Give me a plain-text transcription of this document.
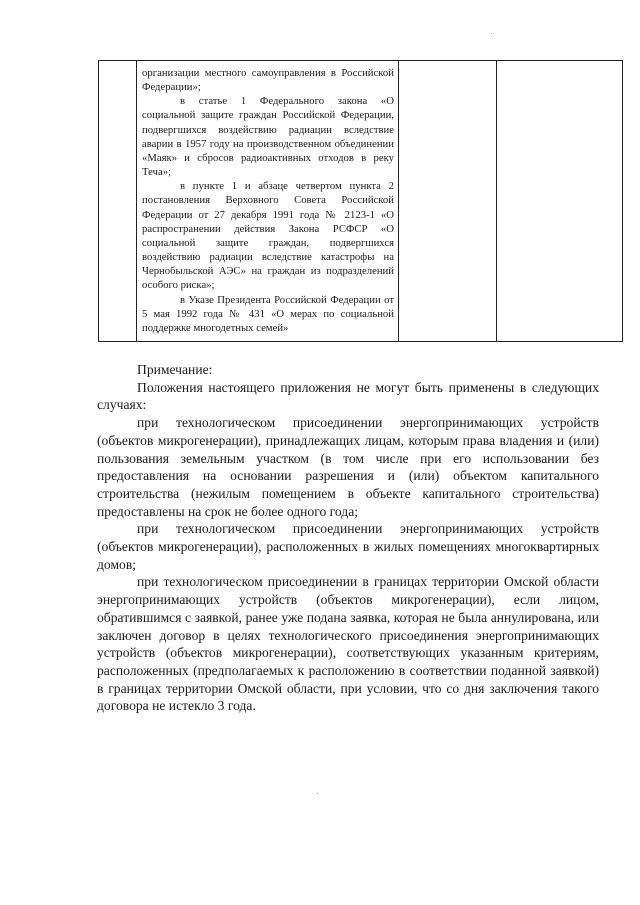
организации местного самоуправления в Российской Федерации»;

в статье 1 Федерального закона «О социальной защите граждан Российской Федерации, подвергшихся воздействию радиации вследствие аварии в 1957 году на производственном объединении «Маяк» и сбросов радиоактивных отходов в реку Теча»;

в пункте 1 и абзаце четвертом пункта 2 постановления Верховного Совета Российской Федерации от 27 декабря 1991 года № 2123-1 «О распространении действия Закона РСФСР «О социальной защите граждан, подвергшихся воздействию радиации вследствие катастрофы на Чернобыльской АЭС» на граждан из подразделений особого риска»;

в Указе Президента Российской Федерации от 5 мая 1992 года № 431 «О мерах по социальной поддержке многодетных семей»

Примечание:

Положения настоящего приложения не могут быть применены в следующих случаях:

при технологическом присоединении энергопринимающих устройств (объектов микрогенерации), принадлежащих лицам, которым права владения и (или) пользования земельным участком (в том числе при его использовании без предоставления на основании разрешения и (или) объектом капитального строительства (нежилым помещением в объекте капитального строительства) предоставлены на срок не более одного года;

при технологическом присоединении энергопринимающих устройств (объектов микрогенерации), расположенных в жилых помещениях многоквартирных домов;

при технологическом присоединении в границах территории Омской области энергопринимающих устройств (объектов микрогенерации), если лицом, обратившимся с заявкой, ранее уже подана заявка, которая не была аннулирована, или заключен договор в целях технологического присоединения энергопринимающих устройств (объектов микрогенерации), соответствующих указанным критериям, расположенных (предполагаемых к расположению в соответствии поданной заявкой) в границах территории Омской области, при условии, что со дня заключения такого договора не истекло 3 года.
